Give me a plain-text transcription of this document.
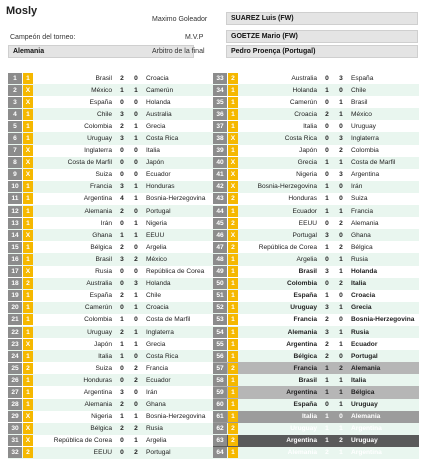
Mosly
Maximo Goleador	SUAREZ Luis (FW)
M.V.P	GOETZE Mario (FW)
Campeón del torneo:
Alemania	Arbitro de la final	Pedro Proença (Portugal)
1	1	Brasil	2	0	Croacia
2	X	México	1	1	Camerún
3	X	España	0	0	Holanda
4	1	Chile	3	0	Australia
5	1	Colombia	2	1	Grecia
6	1	Uruguay	3	1	Costa Rica
7	X	Inglaterra	0	0	Italia
8	X	Costa de Marfil	0	0	Japón
9	X	Suiza	0	0	Ecuador
10	1	Francia	3	1	Honduras
11	1	Argentina	4	1	Bosnia-Herzegovina
12	1	Alemania	2	0	Portugal
13	1	Irán	0	1	Nigeria
14	X	Ghana	1	1	EEUU
15	1	Bélgica	2	0	Argelia
16	1	Brasil	3	2	México
17	X	Rusia	0	0	República de Corea
18	2	Australia	0	3	Holanda
19	1	España	2	1	Chile
20	1	Camerún	0	1	Croacia
21	1	Colombia	1	0	Costa de Marfil
22	1	Uruguay	2	1	Inglaterra
23	X	Japón	1	1	Grecia
24	1	Italia	1	0	Costa Rica
25	2	Suiza	0	2	Francia
26	1	Honduras	0	2	Ecuador
27	1	Argentina	3	0	Irán
28	1	Alemania	2	0	Ghana
29	X	Nigeria	1	1	Bosnia-Herzegovina
30	X	Bélgica	2	2	Rusia
31	X	República de Corea	0	1	Argelia
32	2	EEUU	0	2	Portugal
33	2	Australia	0	3	España
34	1	Holanda	1	0	Chile
35	1	Camerún	0	1	Brasil
36	1	Croacia	2	1	México
37	1	Italia	0	0	Uruguay
38	X	Costa Rica	0	3	Inglaterra
39	1	Japón	0	2	Colombia
40	X	Grecia	1	1	Costa de Marfil
41	X	Nigeria	0	3	Argentina
42	X	Bosnia-Herzegovina	1	0	Irán
43	2	Honduras	1	0	Suiza
44	1	Ecuador	1	1	Francia
45	2	EEUU	0	2	Alemania
46	X	Portugal	3	0	Ghana
47	2	República de Corea	1	2	Bélgica
48	1	Argelia	0	1	Rusia
49	1	Brasil	3	1	Holanda
50	1	Colombia	0	2	Italia
51	1	España	1	0	Croacia
52	1	Uruguay	3	1	Grecia
53	1	Francia	2	0	Bosnia-Herzegovina
54	1	Alemania	3	1	Rusia
55	1	Argentina	2	1	Ecuador
56	1	Bélgica	2	0	Portugal
57	2	Francia	1	2	Alemania
58	1	Brasil	1	1	Italia
59	1	Argentina	1	1	Bélgica
60	1	España	0	1	Uruguay
61	1	Italia	1	0	Alemania
62	2	Uruguay	1	1	Argentina
63	2	Argentina	1	2	Uruguay
64	1	Alemania	2	1	Argentina
